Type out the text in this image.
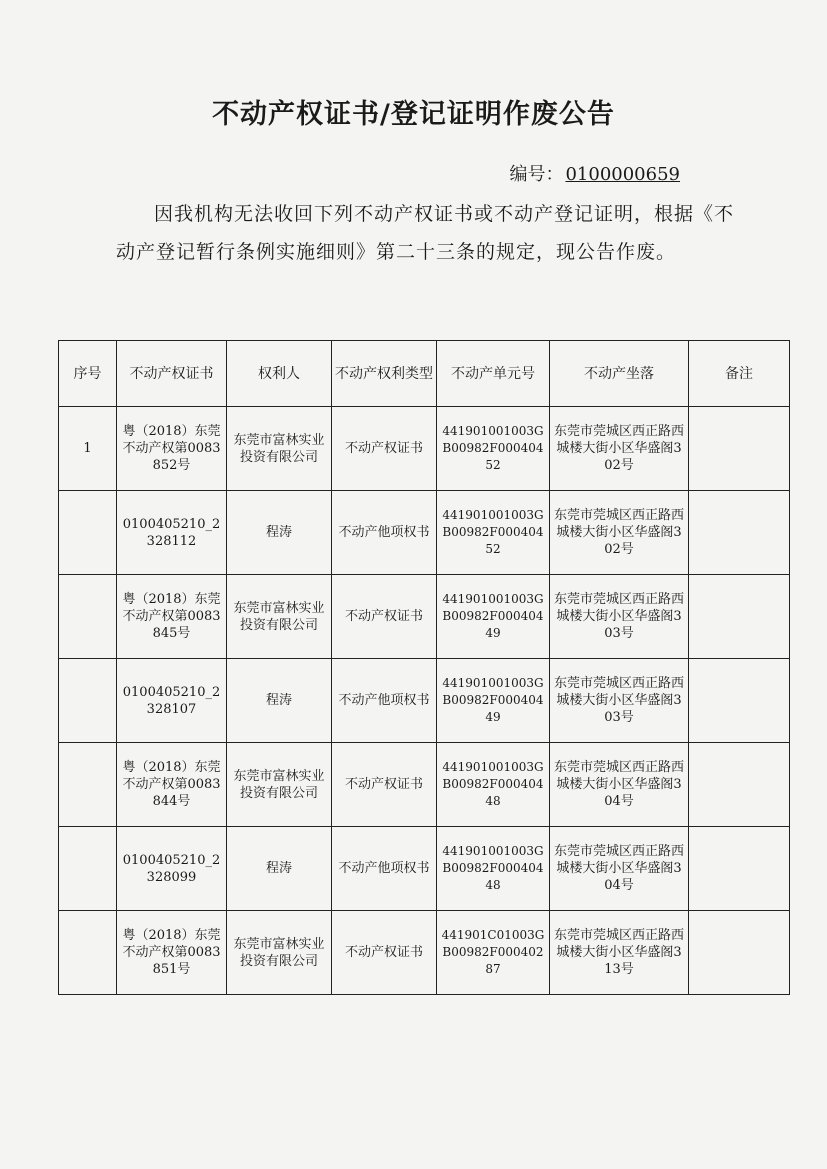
不动产权证书/登记证明作废公告
编号： 0100000659
因我机构无法收回下列不动产权证书或不动产登记证明，根据《不动产登记暂行条例实施细则》第二十三条的规定，现公告作废。
序号	不动产权证书	权利人	不动产权利类型	不动产单元号	不动产坐落	备注
1	粤（2018）东莞不动产权第0083852号	东莞市富林实业投资有限公司	不动产权证书	441901001003GB00982F00040452	东莞市莞城区西正路西城楼大街小区华盛阁302号	
	0100405210_2328112	程涛	不动产他项权书	441901001003GB00982F00040452	东莞市莞城区西正路西城楼大街小区华盛阁302号	
	粤（2018）东莞不动产权第0083845号	东莞市富林实业投资有限公司	不动产权证书	441901001003GB00982F00040449	东莞市莞城区西正路西城楼大街小区华盛阁303号	
	0100405210_2328107	程涛	不动产他项权书	441901001003GB00982F00040449	东莞市莞城区西正路西城楼大街小区华盛阁303号	
	粤（2018）东莞不动产权第0083844号	东莞市富林实业投资有限公司	不动产权证书	441901001003GB00982F00040448	东莞市莞城区西正路西城楼大街小区华盛阁304号	
	0100405210_2328099	程涛	不动产他项权书	441901001003GB00982F00040448	东莞市莞城区西正路西城楼大街小区华盛阁304号	
	粤（2018）东莞不动产权第0083851号	东莞市富林实业投资有限公司	不动产权证书	441901C01003GB00982F00040287	东莞市莞城区西正路西城楼大街小区华盛阁313号	
